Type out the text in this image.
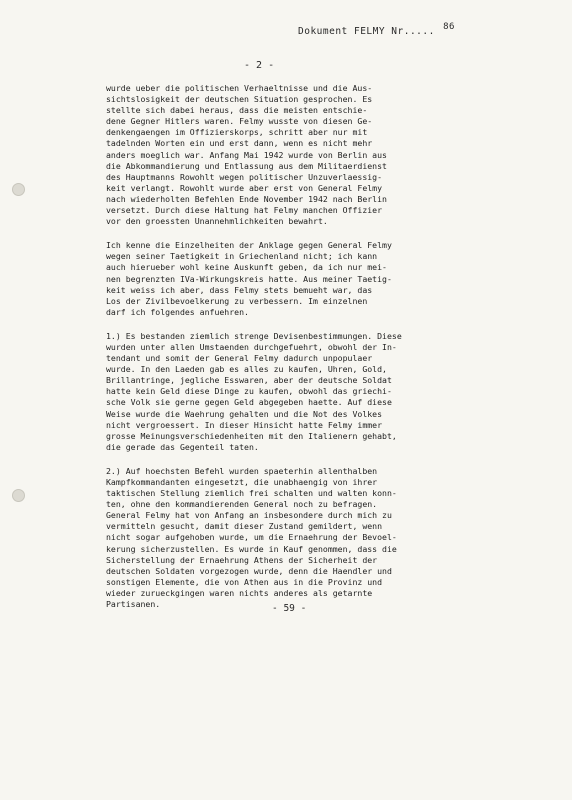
Dokument FELMY Nr..... 86
- 2 -
wurde ueber die politischen Verhaeltnisse und die Aus-
sichtslosigkeit der deutschen Situation gesprochen. Es
stellte sich dabei heraus, dass die meisten entschie-
dene Gegner Hitlers waren. Felmy wusste von diesen Ge-
denkengaengen im Offizierskorps, schritt aber nur mit
tadelnden Worten ein und erst dann, wenn es nicht mehr
anders moeglich war. Anfang Mai 1942 wurde von Berlin aus
die Abkommandierung und Entlassung aus dem Militaerdienst
des Hauptmanns Rowohlt wegen politischer Unzuverlaessig-
keit verlangt. Rowohlt wurde aber erst von General Felmy
nach wiederholten Befehlen Ende November 1942 nach Berlin
versetzt. Durch diese Haltung hat Felmy manchen Offizier
vor den groessten Unannehmlichkeiten bewahrt.
Ich kenne die Einzelheiten der Anklage gegen General Felmy
wegen seiner Taetigkeit in Griechenland nicht; ich kann
auch hierueber wohl keine Auskunft geben, da ich nur mei-
nen begrenzten IVa-Wirkungskreis hatte. Aus meiner Taetig-
keit weiss ich aber, dass Felmy stets bemueht war, das
Los der Zivilbevoelkerung zu verbessern. Im einzelnen
darf ich folgendes anfuehren.
1.) Es bestanden ziemlich strenge Devisenbestimmungen. Diese
wurden unter allen Umstaenden durchgefuehrt, obwohl der In-
tendant und somit der General Felmy dadurch unpopulaer
wurde. In den Laeden gab es alles zu kaufen, Uhren, Gold,
Brillantringe, jegliche Esswaren, aber der deutsche Soldat
hatte kein Geld diese Dinge zu kaufen, obwohl das griechi-
sche Volk sie gerne gegen Geld abgegeben haette. Auf diese
Weise wurde die Waehrung gehalten und die Not des Volkes
nicht vergroessert. In dieser Hinsicht hatte Felmy immer
grosse Meinungsverschiedenheiten mit den Italienern gehabt,
die gerade das Gegenteil taten.
2.) Auf hoechsten Befehl wurden spaeterhin allenthalben
Kampfkommandanten eingesetzt, die unabhaengig von ihrer
taktischen Stellung ziemlich frei schalten und walten konn-
ten, ohne den kommandierenden General noch zu befragen.
General Felmy hat von Anfang an insbesondere durch mich zu
vermitteln gesucht, damit dieser Zustand gemildert, wenn
nicht sogar aufgehoben wurde, um die Ernaehrung der Bevoel-
kerung sicherzustellen. Es wurde in Kauf genommen, dass die
Sicherstellung der Ernaehrung Athens der Sicherheit der
deutschen Soldaten vorgezogen wurde, denn die Haendler und
sonstigen Elemente, die von Athen aus in die Provinz und
wieder zurueckgingen waren nichts anderes als getarnte
Partisanen.	- 59 -
